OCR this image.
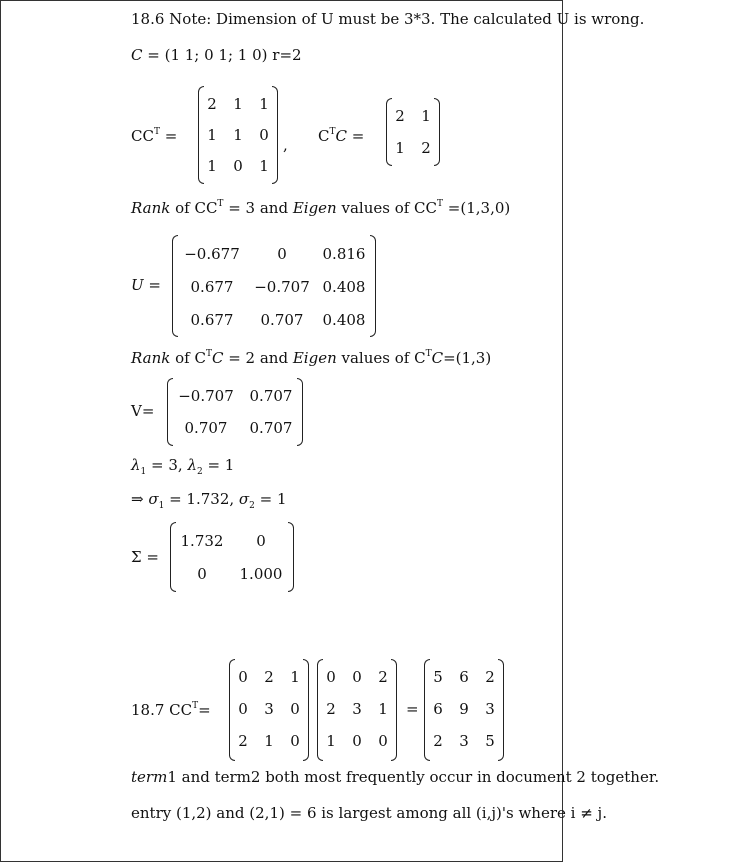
18.6 Note: Dimension of U must be 3*3. The calculated U is wrong.
C = (1 1; 0 1; 1 0) r=2
$CC^T$ =
2 1 1
1 1 0
1 0 1
, $C^TC$ =
2 1
1 2
Rank of $CC^T = 3$ and Eigen values of $CC^T =(1,3,0)$
U =
−0.677	0	0.816
0.677	−0.707 0.408
0.677	0.707	0.408
Rank of $C^TC = 2$ and Eigen values of $C^TC=(1,3)$
V=
−0.707 0.707
0.707	0.707
$\lambda_1 = 3$, $\lambda_2 = 1$
⇒ $\sigma_1 = 1.732$, $\sigma_2 = 1$
Σ =
1.732	0
0	1.000
18.7 $CC^T=$
0 2 1
0 3 0
2 1 0
0 0 2
2 3 1
1 0 0
=
5 6 2
6 9 3
2 3 5
term1 and term2 both most frequently occur in document 2 together.
entry (1,2) and (2,1) = 6 is largest among all (i,j)'s where i ≠ j.
